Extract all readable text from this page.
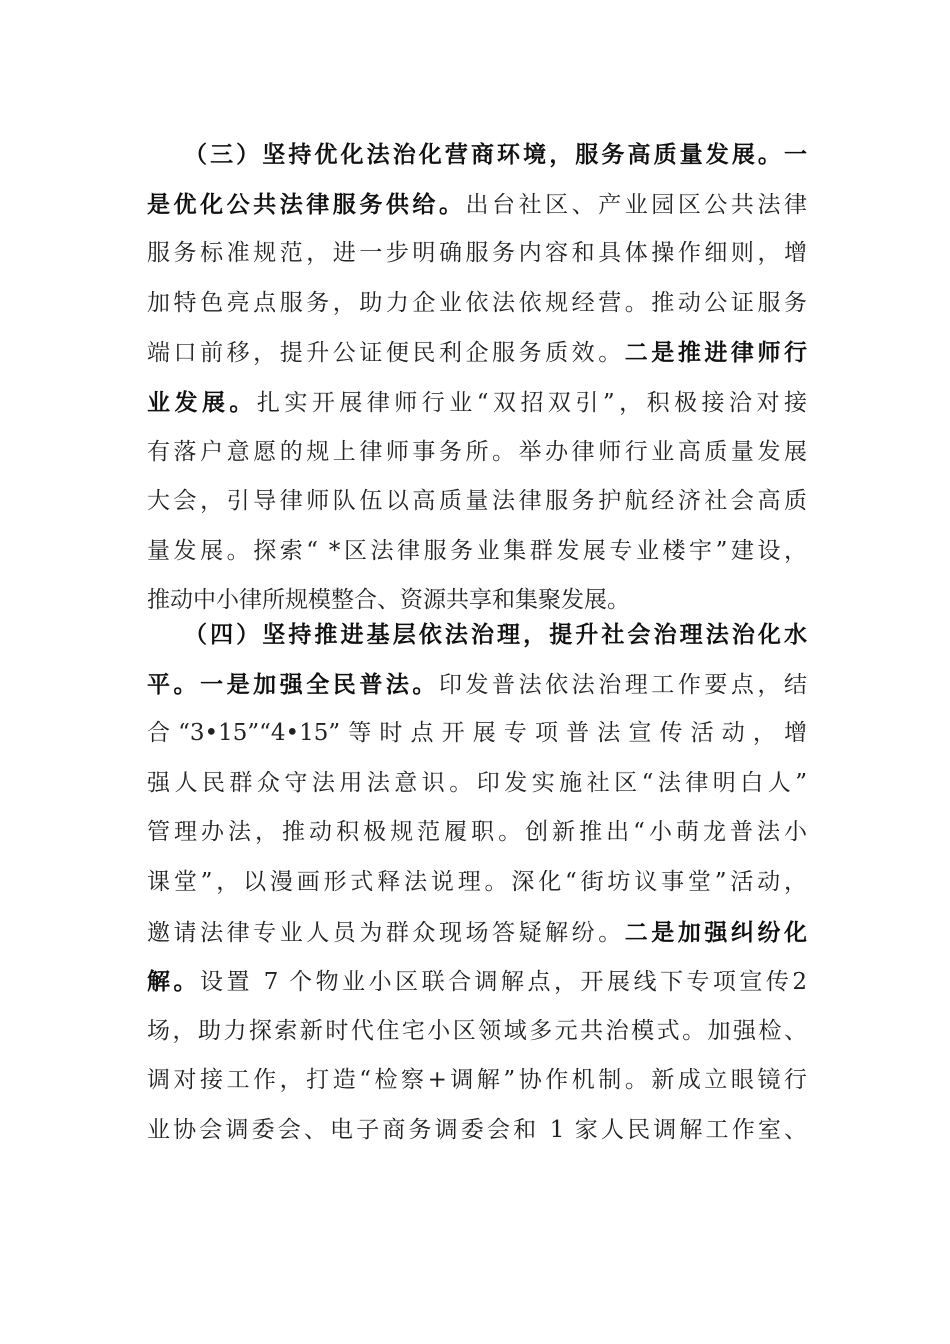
（三）坚持优化法治化营商环境，服务高质量发展。一
是优化公共法律服务供给。出台社区、产业园区公共法律
服务标准规范，进一步明确服务内容和具体操作细则，增
加特色亮点服务，助力企业依法依规经营。推动公证服务
端口前移，提升公证便民利企服务质效。二是推进律师行
业发展。扎实开展律师行业“双招双引”，积极接洽对接
有落户意愿的规上律师事务所。举办律师行业高质量发展
大会，引导律师队伍以高质量法律服务护航经济社会高质
量发展。探索“ *区法律服务业集群发展专业楼宇”建设，
推动中小律所规模整合、资源共享和集聚发展。
（四）坚持推进基层依法治理，提升社会治理法治化水
平。一是加强全民普法。印发普法依法治理工作要点，结
合“3•15”“4•15”等时点开展专项普法宣传活动，增
强人民群众守法用法意识。印发实施社区“法律明白人”
管理办法，推动积极规范履职。创新推出“小萌龙普法小
课堂”，以漫画形式释法说理。深化“街坊议事堂”活动，
邀请法律专业人员为群众现场答疑解纷。二是加强纠纷化
解。设置 7 个物业小区联合调解点，开展线下专项宣传2
场，助力探索新时代住宅小区领域多元共治模式。加强检、
调对接工作，打造“检察+调解”协作机制。新成立眼镜行
业协会调委会、电子商务调委会和 1 家人民调解工作室、
